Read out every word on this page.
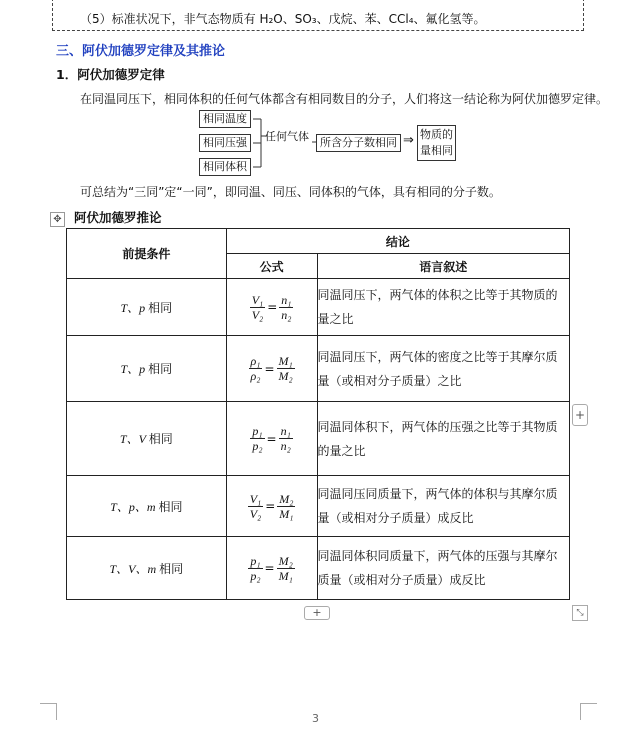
（5）标准状况下，非气态物质有 H₂O、SO₃、戊烷、苯、CCl₄、氟化氢等。
三、阿伏加德罗定律及其推论
1．阿伏加德罗定律
在同温同压下，相同体积的任何气体都含有相同数目的分子，人们将这一结论称为阿伏加德罗定律。
相同温度
相同压强
相同体积
任何气体	所含分子数相同 ⇒ 物质的
量相同
可总结为“三同”定“一同”，即同温、同压、同体积的气体，具有相同的分子数。
✥ 阿伏加德罗推论
前提条件	结论	
	公式	语言叙述
T、p 相同	$\frac{\text{V₁}}{\text{V₂}} = \frac{\text{n₁}}{\text{n₂}}$	同温同压下，两气体的体积之比等于其物质的量之比
T、p 相同	$\frac{\text{ρ₁}}{\text{ρ₂}} = \frac{\text{M₁}}{\text{M₂}}$	同温同压下，两气体的密度之比等于其摩尔质量（或相对分子质量）之比
T、V 相同	$\frac{\text{p₁}}{\text{p₂}} = \frac{\text{n₁}}{\text{n₂}}$	同温同体积下，两气体的压强之比等于其物质的量之比
T、p、m 相同	$\frac{\text{V₁}}{\text{V₂}} = \frac{\text{M₂}}{\text{M₁}}$	同温同压同质量下，两气体的体积与其摩尔质量（或相对分子质量）成反比
T、V、m 相同	$\frac{\text{p₁}}{\text{p₂}} = \frac{\text{M₂}}{\text{M₁}}$	同温同体积同质量下，两气体的压强与其摩尔质量（或相对分子质量）成反比
+
+	⤡
3
